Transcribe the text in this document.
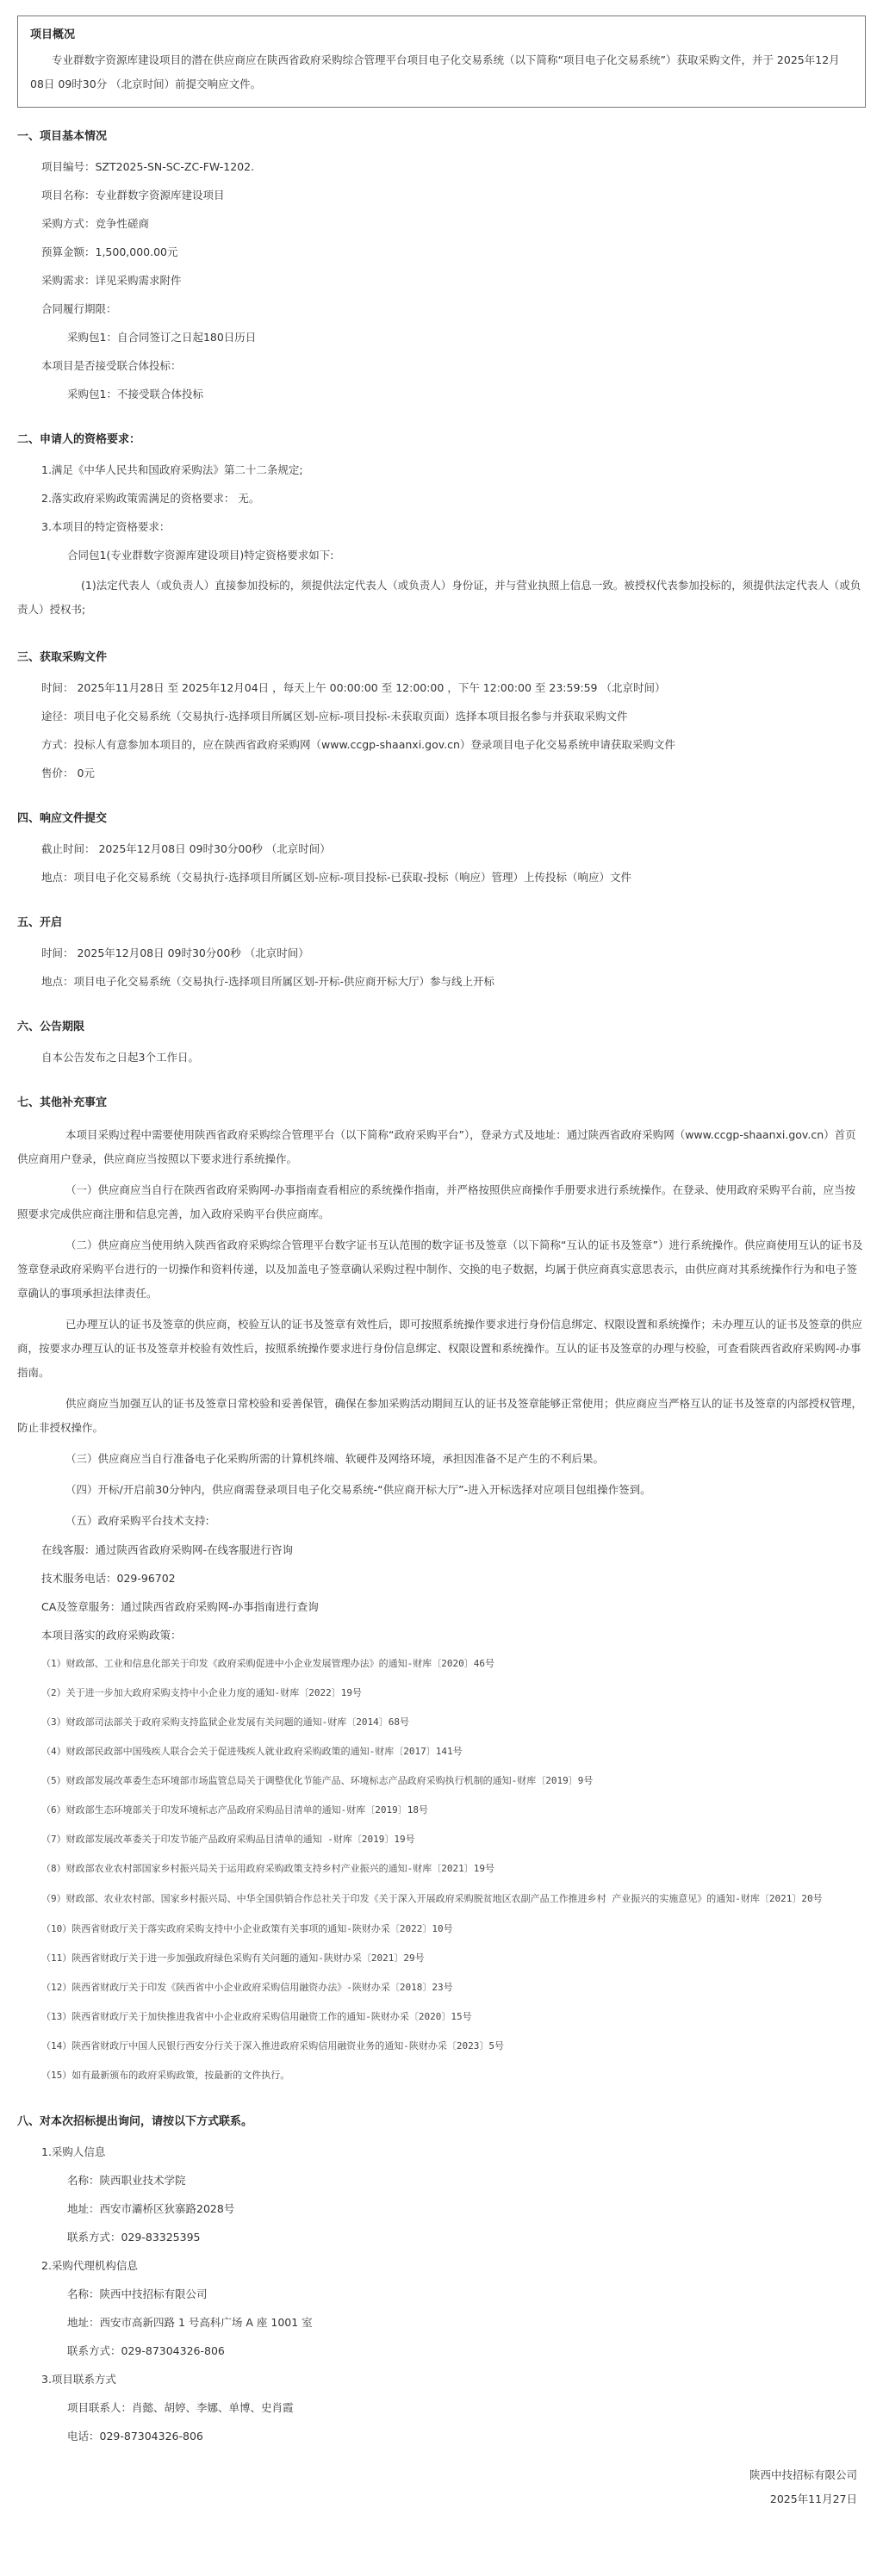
项目概况

专业群数字资源库建设项目的潜在供应商应在陕西省政府采购综合管理平台项目电子化交易系统（以下简称“项目电子化交易系统”）获取采购文件，并于 2025年12月08日 09时30分 （北京时间）前提交响应文件。

一、项目基本情况
项目编号：SZT2025-SN-SC-ZC-FW-1202.
项目名称：专业群数字资源库建设项目
采购方式：竞争性磋商
预算金额：1,500,000.00元
采购需求：详见采购需求附件
合同履行期限：
采购包1：自合同签订之日起180日历日
本项目是否接受联合体投标：
采购包1：不接受联合体投标
二、申请人的资格要求：
1.满足《中华人民共和国政府采购法》第二十二条规定;
2.落实政府采购政策需满足的资格要求： 无。
3.本项目的特定资格要求：
合同包1(专业群数字资源库建设项目)特定资格要求如下:

(1)法定代表人（或负责人）直接参加投标的，须提供法定代表人（或负责人）身份证，并与营业执照上信息一致。被授权代表参加投标的，须提供法定代表人（或负责人）授权书;

三、获取采购文件
时间： 2025年11月28日 至 2025年12月04日 ，每天上午 00:00:00 至 12:00:00 ，下午 12:00:00 至 23:59:59 （北京时间）
途径：项目电子化交易系统（交易执行-选择项目所属区划-应标-项目投标-未获取页面）选择本项目报名参与并获取采购文件
方式：投标人有意参加本项目的，应在陕西省政府采购网（www.ccgp-shaanxi.gov.cn）登录项目电子化交易系统申请获取采购文件
售价： 0元
四、响应文件提交
截止时间： 2025年12月08日 09时30分00秒 （北京时间）
地点：项目电子化交易系统（交易执行-选择项目所属区划-应标-项目投标-已获取-投标（响应）管理）上传投标（响应）文件
五、开启
时间： 2025年12月08日 09时30分00秒 （北京时间）
地点：项目电子化交易系统（交易执行-选择项目所属区划-开标-供应商开标大厅）参与线上开标
六、公告期限
自本公告发布之日起3个工作日。
七、其他补充事宜

本项目采购过程中需要使用陕西省政府采购综合管理平台（以下简称“政府采购平台”），登录方式及地址：通过陕西省政府采购网（www.ccgp-shaanxi.gov.cn）首页供应商用户登录，供应商应当按照以下要求进行系统操作。

（一）供应商应当自行在陕西省政府采购网-办事指南查看相应的系统操作指南，并严格按照供应商操作手册要求进行系统操作。在登录、使用政府采购平台前，应当按照要求完成供应商注册和信息完善，加入政府采购平台供应商库。

（二）供应商应当使用纳入陕西省政府采购综合管理平台数字证书互认范围的数字证书及签章（以下简称“互认的证书及签章”）进行系统操作。供应商使用互认的证书及签章登录政府采购平台进行的一切操作和资料传递，以及加盖电子签章确认采购过程中制作、交换的电子数据，均属于供应商真实意思表示，由供应商对其系统操作行为和电子签章确认的事项承担法律责任。

已办理互认的证书及签章的供应商，校验互认的证书及签章有效性后，即可按照系统操作要求进行身份信息绑定、权限设置和系统操作；未办理互认的证书及签章的供应商，按要求办理互认的证书及签章并校验有效性后，按照系统操作要求进行身份信息绑定、权限设置和系统操作。互认的证书及签章的办理与校验，可查看陕西省政府采购网-办事指南。

供应商应当加强互认的证书及签章日常校验和妥善保管，确保在参加采购活动期间互认的证书及签章能够正常使用；供应商应当严格互认的证书及签章的内部授权管理，防止非授权操作。

（三）供应商应当自行准备电子化采购所需的计算机终端、软硬件及网络环境，承担因准备不足产生的不利后果。

（四）开标/开启前30分钟内，供应商需登录项目电子化交易系统-“供应商开标大厅”-进入开标选择对应项目包组操作签到。

（五）政府采购平台技术支持:

在线客服：通过陕西省政府采购网-在线客服进行咨询
技术服务电话：029-96702
CA及签章服务：通过陕西省政府采购网-办事指南进行查询
本项目落实的政府采购政策：
（1）财政部、工业和信息化部关于印发《政府采购促进中小企业发展管理办法》的通知-财库〔2020〕46号
（2）关于进一步加大政府采购支持中小企业力度的通知-财库〔2022〕19号
（3）财政部司法部关于政府采购支持监狱企业发展有关问题的通知-财库〔2014〕68号
（4）财政部民政部中国残疾人联合会关于促进残疾人就业政府采购政策的通知-财库〔2017〕141号
（5）财政部发展改革委生态环境部市场监管总局关于调整优化节能产品、环境标志产品政府采购执行机制的通知-财库〔2019〕9号
（6）财政部生态环境部关于印发环境标志产品政府采购品目清单的通知-财库〔2019〕18号
（7）财政部发展改革委关于印发节能产品政府采购品目清单的通知 -财库〔2019〕19号
（8）财政部农业农村部国家乡村振兴局关于运用政府采购政策支持乡村产业振兴的通知-财库〔2021〕19号
（9）财政部、农业农村部、国家乡村振兴局、中华全国供销合作总社关于印发《关于深入开展政府采购脱贫地区农副产品工作推进乡村 产业振兴的实施意见》的通知-财库〔2021〕20号
（10）陕西省财政厅关于落实政府采购支持中小企业政策有关事项的通知-陕财办采〔2022〕10号
（11）陕西省财政厅关于进一步加强政府绿色采购有关问题的通知-陕财办采〔2021〕29号
（12）陕西省财政厅关于印发《陕西省中小企业政府采购信用融资办法》-陕财办采〔2018〕23号
（13）陕西省财政厅关于加快推进我省中小企业政府采购信用融资工作的通知-陕财办采〔2020〕15号
（14）陕西省财政厅中国人民银行西安分行关于深入推进政府采购信用融资业务的通知-陕财办采〔2023〕5号
（15）如有最新颁布的政府采购政策，按最新的文件执行。
八、对本次招标提出询问，请按以下方式联系。
1.采购人信息
名称：陕西职业技术学院
地址：西安市灞桥区狄寨路2028号
联系方式：029-83325395
2.采购代理机构信息
名称：陕西中技招标有限公司
地址：西安市高新四路 1 号高科广场 A 座 1001 室
联系方式：029-87304326-806
3.项目联系方式
项目联系人：肖懿、胡婷、李娜、单博、史肖霞
电话：029-87304326-806
陕西中技招标有限公司
2025年11月27日
